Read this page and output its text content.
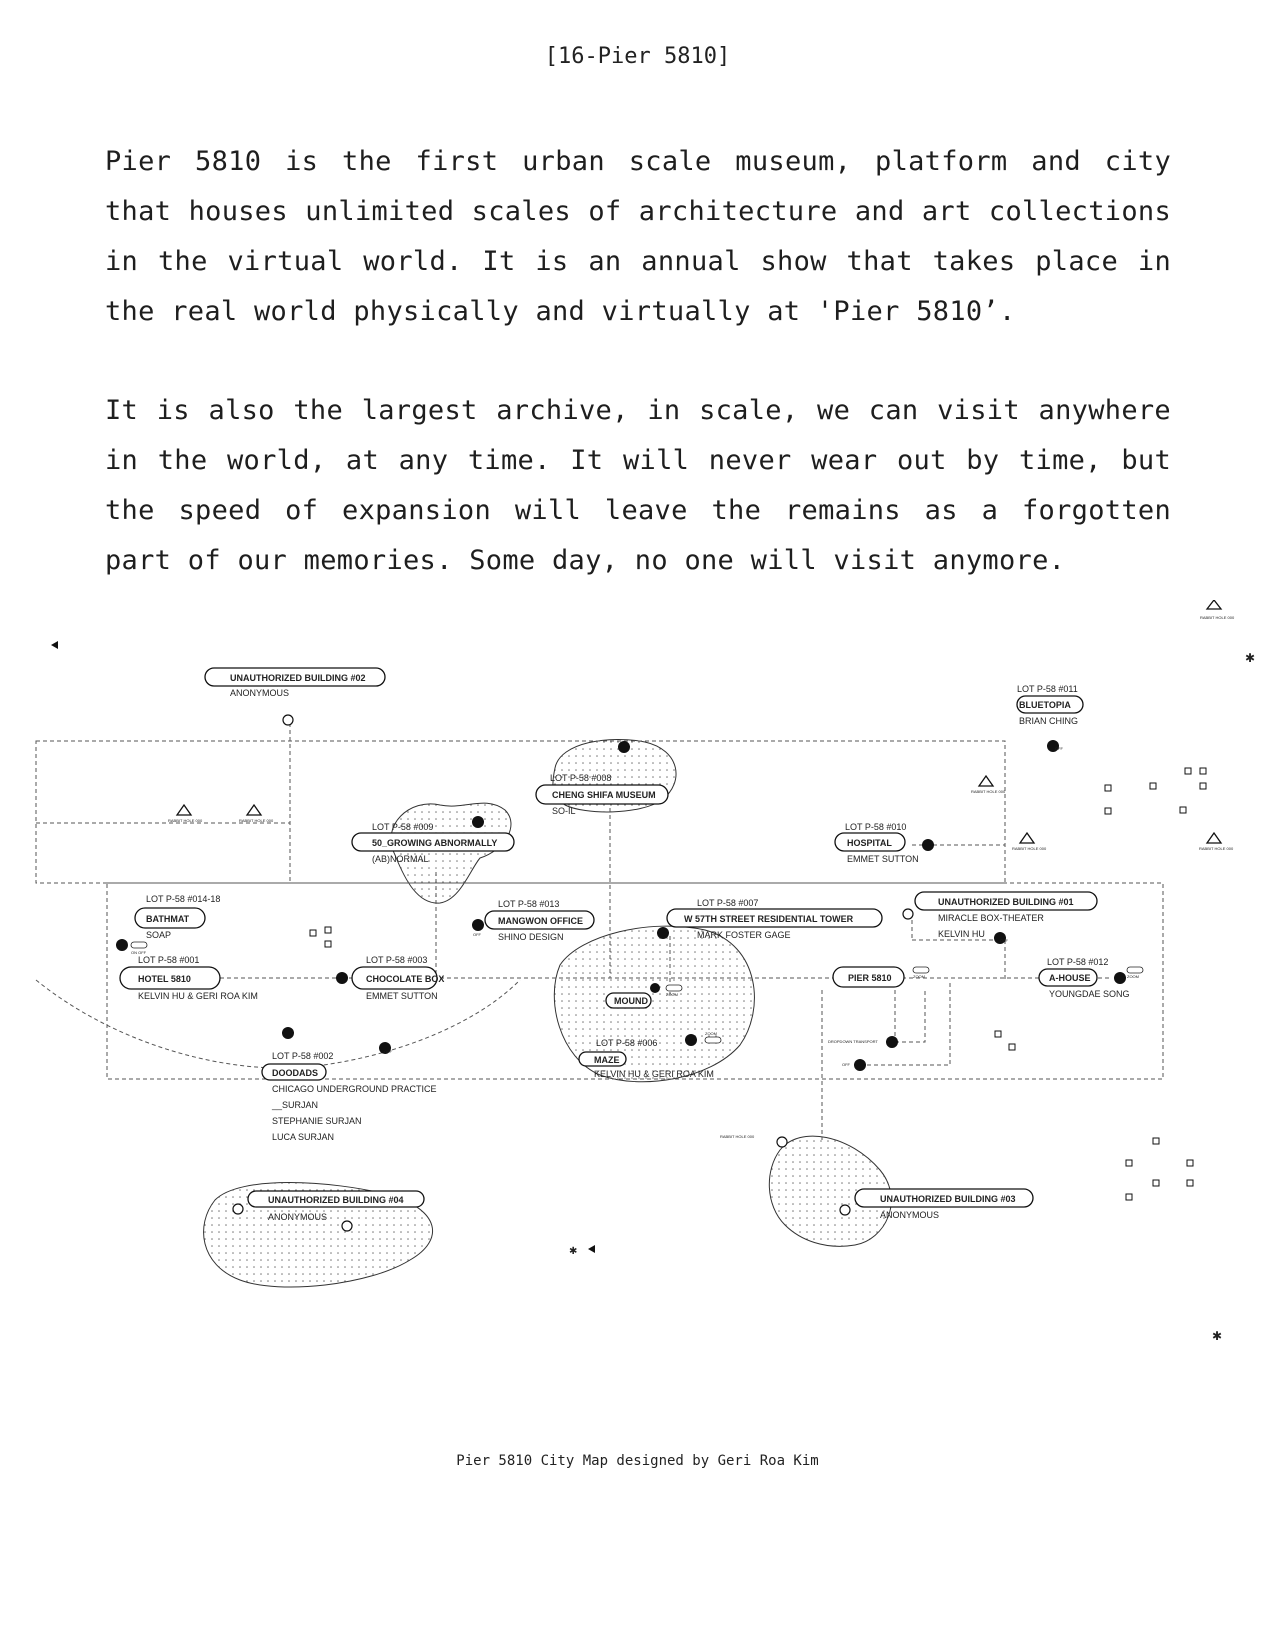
[16-Pier 5810]

Pier 5810 is the first urban scale museum, platform and city that houses unlimited scales of architecture and art collections in the virtual world. It is an annual show that takes place in the real world physically and virtually at 'Pier 5810’.

It is also the largest archive, in scale, we can visit anywhere in the world, at any time. It will never wear out by time, but the speed of expansion will leave the remains as a forgotten part of our memories. Some day, no one will visit anymore.

RABBIT HOLE 000
RABBIT HOLE 000	RABBIT HOLE 000
RABBIT HOLE 000
RABBIT HOLE 000	RABBIT HOLE 000
RABBIT HOLE 000
ON OFF
OFF
OFF
OFF
OFF
OFF
ZOOM
ZOOM
ZOOM	ZOOM
DROPDOWN TRANSPORT
✱
✱
✱
UNAUTHORIZED BUILDING #02
ANONYMOUS	LOT P-58 #011
BLUETOPIA
BRIAN CHING
LOT P-58 #008
CHENG SHIFA MUSEUM
SO-IL
LOT P-58 #009
50_GROWING ABNORMALLY
(AB)NORMAL
LOT P-58 #010
HOSPITAL
EMMET SUTTON
LOT P-58 #014-18
BATHMAT
SOAP
LOT P-58 #013
MANGWON OFFICE
SHINO DESIGN
LOT P-58 #007
W 57TH STREET RESIDENTIAL TOWER
MARK FOSTER GAGE
UNAUTHORIZED BUILDING #01
MIRACLE BOX-THEATER
KELVIN HU
LOT P-58 #001
HOTEL 5810
KELVIN HU & GERI ROA KIM
LOT P-58 #003
CHOCOLATE BOX
EMMET SUTTON	MOUND
PIER 5810
LOT P-58 #012
A-HOUSE
YOUNGDAE SONG
LOT P-58 #002
DOODADS
CHICAGO UNDERGROUND PRACTICE
__SURJAN
STEPHANIE SURJAN
LUCA SURJAN
LOT P-58 #006
MAZE
KELVIN HU & GERI ROA KIM
UNAUTHORIZED BUILDING #04
ANONYMOUS
UNAUTHORIZED BUILDING #03
ANONYMOUS
Pier 5810 City Map designed by Geri Roa Kim
